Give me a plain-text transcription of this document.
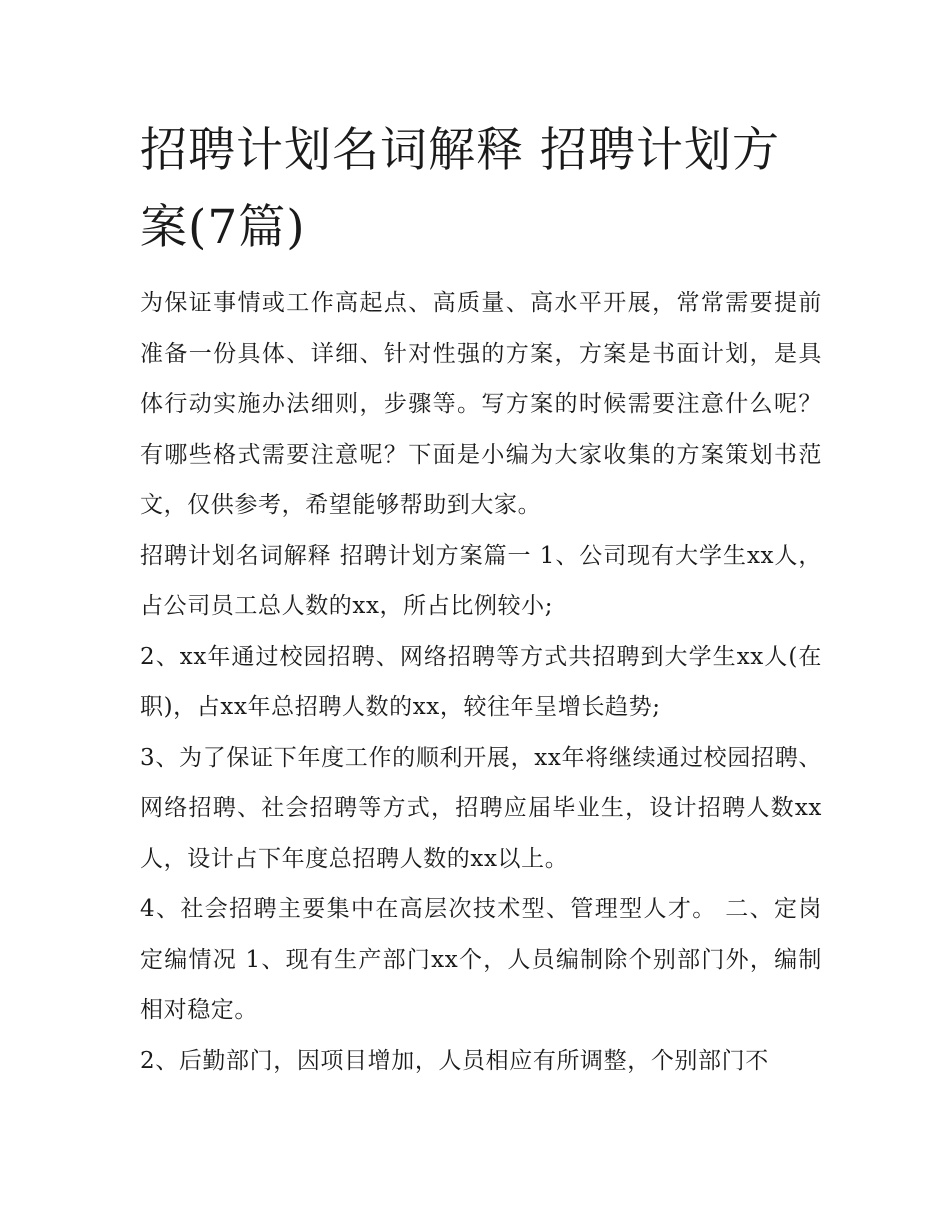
招聘计划名词解释 招聘计划方案(7篇)

为保证事情或工作高起点、高质量、高水平开展，常常需要提前准备一份具体、详细、针对性强的方案，方案是书面计划，是具体行动实施办法细则，步骤等。写方案的时候需要注意什么呢？有哪些格式需要注意呢？下面是小编为大家收集的方案策划书范文，仅供参考，希望能够帮助到大家。

招聘计划名词解释 招聘计划方案篇一 1、公司现有大学生xx人，占公司员工总人数的xx，所占比例较小;

2、xx年通过校园招聘、网络招聘等方式共招聘到大学生xx人(在职)，占xx年总招聘人数的xx，较往年呈增长趋势;

3、为了保证下年度工作的顺利开展，xx年将继续通过校园招聘、网络招聘、社会招聘等方式，招聘应届毕业生，设计招聘人数xx人，设计占下年度总招聘人数的xx以上。

4、社会招聘主要集中在高层次技术型、管理型人才。 二、定岗定编情况 1、现有生产部门xx个，人员编制除个别部门外，编制相对稳定。

2、后勤部门，因项目增加，人员相应有所调整，个别部门不
